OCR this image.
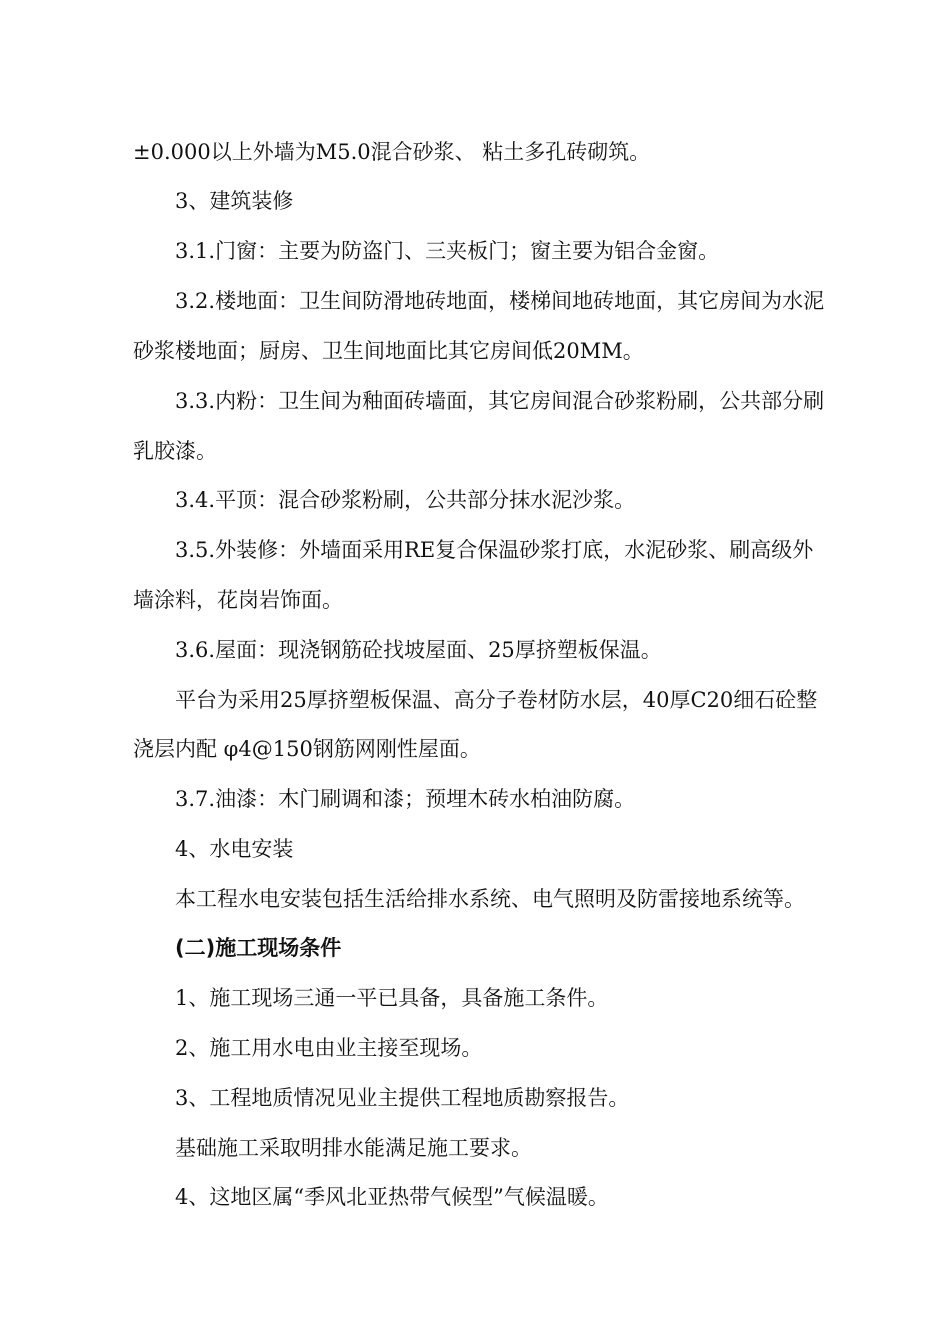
±0.000以上外墙为M5.0混合砂浆、 粘土多孔砖砌筑。
3、建筑装修
3.1.门窗：主要为防盗门、三夹板门；窗主要为铝合金窗。
3.2.楼地面：卫生间防滑地砖地面，楼梯间地砖地面，其它房间为水泥
砂浆楼地面；厨房、卫生间地面比其它房间低20MM。
3.3.内粉：卫生间为釉面砖墙面，其它房间混合砂浆粉刷，公共部分刷
乳胶漆。
3.4.平顶：混合砂浆粉刷，公共部分抹水泥沙浆。
3.5.外装修：外墙面采用RE复合保温砂浆打底，水泥砂浆、刷高级外
墙涂料，花岗岩饰面。
3.6.屋面：现浇钢筋砼找坡屋面、25厚挤塑板保温。
平台为采用25厚挤塑板保温、高分子卷材防水层，40厚C20细石砼整
浇层内配 φ4@150钢筋网刚性屋面。
3.7.油漆：木门刷调和漆；预埋木砖水柏油防腐。
4、水电安装
本工程水电安装包括生活给排水系统、电气照明及防雷接地系统等。
(二)施工现场条件
1、施工现场三通一平已具备，具备施工条件。
2、施工用水电由业主接至现场。
3、工程地质情况见业主提供工程地质勘察报告。
基础施工采取明排水能满足施工要求。
4、这地区属“季风北亚热带气候型”气候温暖。
